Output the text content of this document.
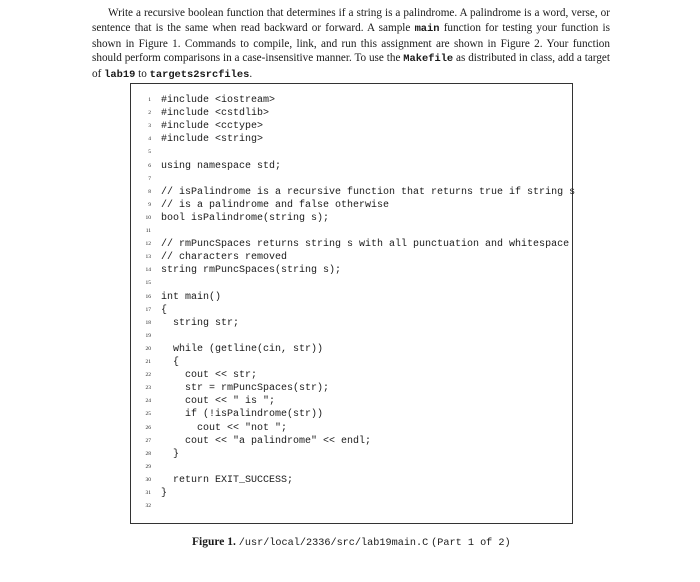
Write a recursive boolean function that determines if a string is a palindrome. A palindrome is a word, verse, or sentence that is the same when read backward or forward. A sample main function for testing your function is shown in Figure 1. Commands to compile, link, and run this assignment are shown in Figure 2. Your function should perform comparisons in a case-insensitive manner. To use the Makefile as distributed in class, add a target of lab19 to targets2srcfiles.

1 #include <iostream>
2 #include <cstdlib>
3 #include <cctype>
4 #include <string>
5
6 using namespace std;
7
8 // isPalindrome is a recursive function that returns true if string s
9 // is a palindrome and false otherwise
10 bool isPalindrome(string s);
11
12 // rmPuncSpaces returns string s with all punctuation and whitespace
13 // characters removed
14 string rmPuncSpaces(string s);
15
16 int main()
17 {
18 string str;
19
20 while (getline(cin, str))
21 {
22 cout << str;
23 str = rmPuncSpaces(str);
24 cout << " is ";
25 if (!isPalindrome(str))
26 cout << "not ";
27 cout << "a palindrome" << endl;
28 }
29
30 return EXIT_SUCCESS;
31 }
32
Figure 1. /usr/local/2336/src/lab19main.C (Part 1 of 2)
